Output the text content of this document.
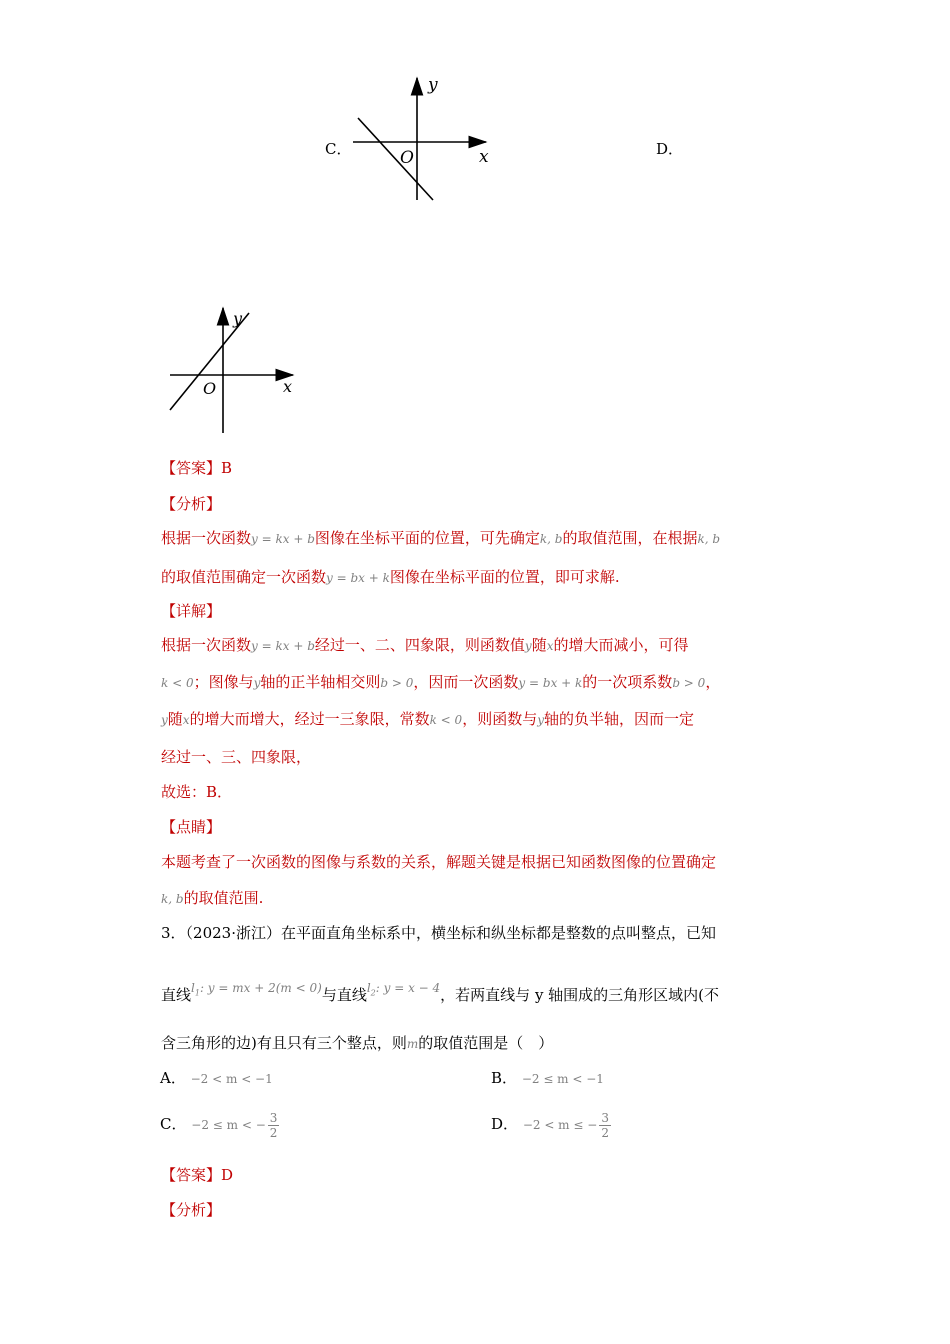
C．	D．
y
x
O
y
x
O
【答案】B
【分析】
根据一次函数y = kx + b图像在坐标平面的位置，可先确定k, b的取值范围，在根据k, b
的取值范围确定一次函数y = bx + k图像在坐标平面的位置，即可求解.
【详解】
根据一次函数y = kx + b经过一、二、四象限，则函数值y随x的增大而减小，可得
k < 0；图像与y轴的正半轴相交则b > 0，因而一次函数y = bx + k的一次项系数b > 0，
y随x的增大而增大，经过一三象限，常数k < 0，则函数与y轴的负半轴，因而一定
经过一、三、四象限，
故选：B．
【点睛】
本题考查了一次函数的图像与系数的关系，解题关键是根据已知函数图像的位置确定
k, b的取值范围.
3．（2023·浙江）在平面直角坐标系中，横坐标和纵坐标都是整数的点叫整点，已知
直线$^{l_1: y = mx + 2(m < 0)}$与直线$^{l_2: y = x - 4}$，若两直线与 y 轴围成的三角形区域内(不
含三角形的边)有且只有三个整点，则m的取值范围是（　）
A． −2 < m < −1	B． −2 ≤ m < −1
C． −2 ≤ m < − $\frac{3}{2}$	D． −2 < m ≤ − $\frac{3}{2}$
【答案】D
【分析】
